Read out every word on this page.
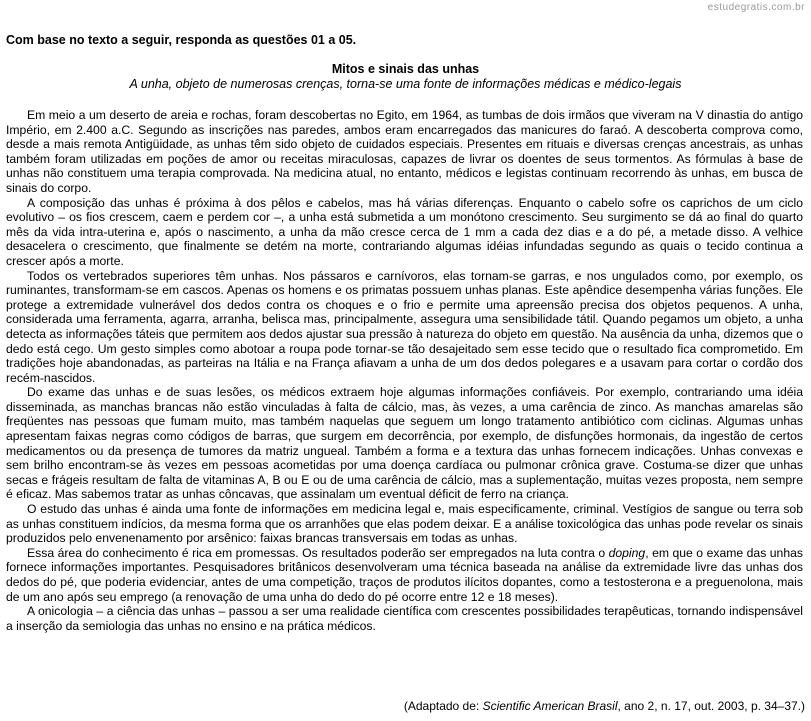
estudegratis.com.br
Com base no texto a seguir, responda as questões 01 a 05.
Mitos e sinais das unhas
A unha, objeto de numerosas crenças, torna-se uma fonte de informações médicas e médico-legais

Em meio a um deserto de areia e rochas, foram descobertas no Egito, em 1964, as tumbas de dois irmãos que viveram na V dinastia do antigo Império, em 2.400 a.C. Segundo as inscrições nas paredes, ambos eram encarregados das manicures do faraó. A descoberta comprova como, desde a mais remota Antigüidade, as unhas têm sido objeto de cuidados especiais. Presentes em rituais e diversas crenças ancestrais, as unhas também foram utilizadas em poções de amor ou receitas miraculosas, capazes de livrar os doentes de seus tormentos. As fórmulas à base de unhas não constituem uma terapia comprovada. Na medicina atual, no entanto, médicos e legistas continuam recorrendo às unhas, em busca de sinais do corpo.

A composição das unhas é próxima à dos pêlos e cabelos, mas há várias diferenças. Enquanto o cabelo sofre os caprichos de um ciclo evolutivo – os fios crescem, caem e perdem cor –, a unha está submetida a um monótono crescimento. Seu surgimento se dá ao final do quarto mês da vida intra-uterina e, após o nascimento, a unha da mão cresce cerca de 1 mm a cada dez dias e a do pé, a metade disso. A velhice desacelera o crescimento, que finalmente se detém na morte, contrariando algumas idéias infundadas segundo as quais o tecido continua a crescer após a morte.

Todos os vertebrados superiores têm unhas. Nos pássaros e carnívoros, elas tornam-se garras, e nos ungulados como, por exemplo, os ruminantes, transformam-se em cascos. Apenas os homens e os primatas possuem unhas planas. Este apêndice desempenha várias funções. Ele protege a extremidade vulnerável dos dedos contra os choques e o frio e permite uma apreensão precisa dos objetos pequenos. A unha, considerada uma ferramenta, agarra, arranha, belisca mas, principalmente, assegura uma sensibilidade tátil. Quando pegamos um objeto, a unha detecta as informações táteis que permitem aos dedos ajustar sua pressão à natureza do objeto em questão. Na ausência da unha, dizemos que o dedo está cego. Um gesto simples como abotoar a roupa pode tornar-se tão desajeitado sem esse tecido que o resultado fica comprometido. Em tradições hoje abandonadas, as parteiras na Itália e na França afiavam a unha de um dos dedos polegares e a usavam para cortar o cordão dos recém-nascidos.

Do exame das unhas e de suas lesões, os médicos extraem hoje algumas informações confiáveis. Por exemplo, contrariando uma idéia disseminada, as manchas brancas não estão vinculadas à falta de cálcio, mas, às vezes, a uma carência de zinco. As manchas amarelas são freqüentes nas pessoas que fumam muito, mas também naquelas que seguem um longo tratamento antibiótico com ciclinas. Algumas unhas apresentam faixas negras como códigos de barras, que surgem em decorrência, por exemplo, de disfunções hormonais, da ingestão de certos medicamentos ou da presença de tumores da matriz ungueal. Também a forma e a textura das unhas fornecem indicações. Unhas convexas e sem brilho encontram-se às vezes em pessoas acometidas por uma doença cardíaca ou pulmonar crônica grave. Costuma-se dizer que unhas secas e frágeis resultam de falta de vitaminas A, B ou E ou de uma carência de cálcio, mas a suplementação, muitas vezes proposta, nem sempre é eficaz. Mas sabemos tratar as unhas côncavas, que assinalam um eventual déficit de ferro na criança.

O estudo das unhas é ainda uma fonte de informações em medicina legal e, mais especificamente, criminal. Vestígios de sangue ou terra sob as unhas constituem indícios, da mesma forma que os arranhões que elas podem deixar. E a análise toxicológica das unhas pode revelar os sinais produzidos pelo envenenamento por arsênico: faixas brancas transversais em todas as unhas.

Essa área do conhecimento é rica em promessas. Os resultados poderão ser empregados na luta contra o doping, em que o exame das unhas fornece informações importantes. Pesquisadores britânicos desenvolveram uma técnica baseada na análise da extremidade livre das unhas dos dedos do pé, que poderia evidenciar, antes de uma competição, traços de produtos ilícitos dopantes, como a testosterona e a preguenolona, mais de um ano após seu emprego (a renovação de uma unha do dedo do pé ocorre entre 12 e 18 meses).

A onicologia – a ciência das unhas – passou a ser uma realidade científica com crescentes possibilidades terapêuticas, tornando indispensável a inserção da semiologia das unhas no ensino e na prática médicos.

(Adaptado de: Scientific American Brasil, ano 2, n. 17, out. 2003, p. 34–37.)
